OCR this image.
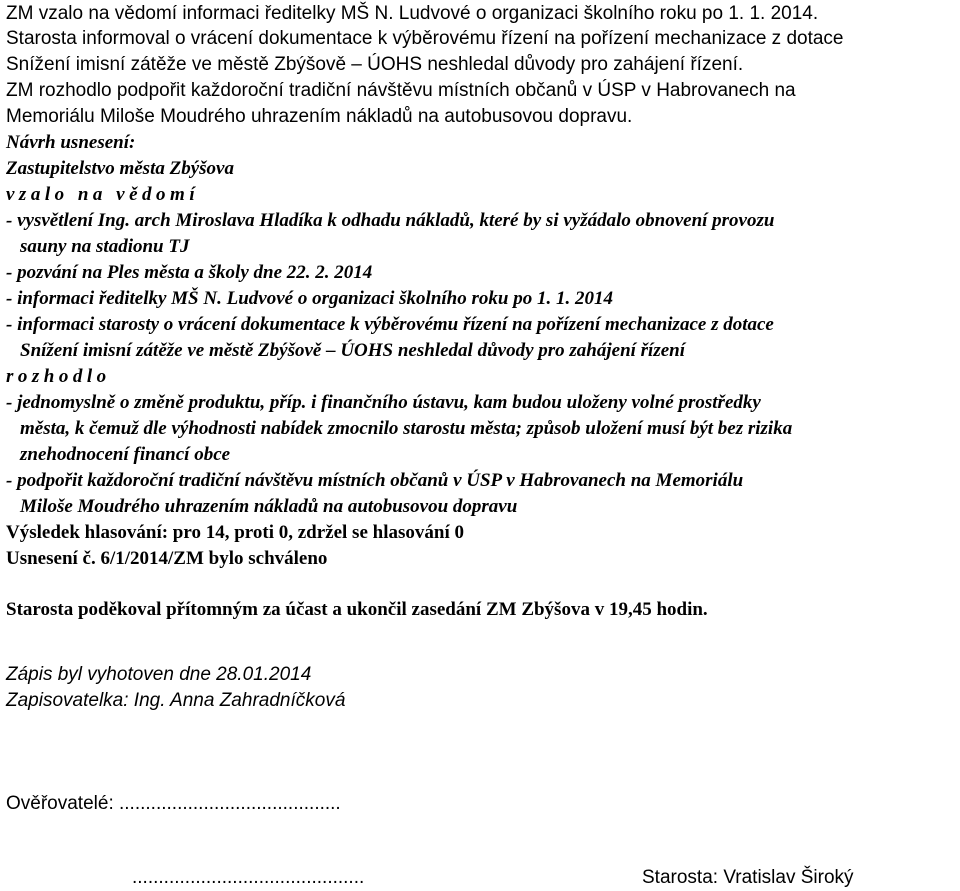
ZM vzalo na vědomí informaci ředitelky MŠ N. Ludvové o organizaci školního roku po 1. 1. 2014.
Starosta informoval o vrácení dokumentace k výběrovému řízení na pořízení mechanizace z dotace
Snížení imisní zátěže ve městě Zbýšově – ÚOHS neshledal důvody pro zahájení řízení.
ZM rozhodlo podpořit každoroční tradiční návštěvu místních občanů v ÚSP v Habrovanech na
Memoriálu Miloše Moudrého uhrazením nákladů na autobusovou dopravu.
Návrh usnesení:
Zastupitelstvo města Zbýšova
vzalo na vědomí
- vysvětlení Ing. arch Miroslava Hladíka k odhadu nákladů, které by si vyžádalo obnovení provozu
sauny na stadionu TJ
- pozvání na Ples města a školy dne 22. 2. 2014
- informaci ředitelky MŠ N. Ludvové o organizaci školního roku po 1. 1. 2014
- informaci starosty o vrácení dokumentace k výběrovému řízení na pořízení mechanizace z dotace
Snížení imisní zátěže ve městě Zbýšově – ÚOHS neshledal důvody pro zahájení řízení
rozhodlo
- jednomyslně o změně produktu, příp. i finančního ústavu, kam budou uloženy volné prostředky
města, k čemuž dle výhodnosti nabídek zmocnilo starostu města; způsob uložení musí být bez rizika
znehodnocení financí obce
- podpořit každoroční tradiční návštěvu místních občanů v ÚSP v Habrovanech na Memoriálu
Miloše Moudrého uhrazením nákladů na autobusovou dopravu
Výsledek hlasování: pro 14, proti 0, zdržel se hlasování 0
Usnesení č. 6/1/2014/ZM bylo schváleno
Starosta poděkoval přítomným za účast a ukončil zasedání ZM Zbýšova v 19,45 hodin.
Zápis byl vyhotoven dne 28.01.2014
Zapisovatelka: Ing. Anna Zahradníčková
Ověřovatelé: ..........................................
............................................	Starosta: Vratislav Široký
